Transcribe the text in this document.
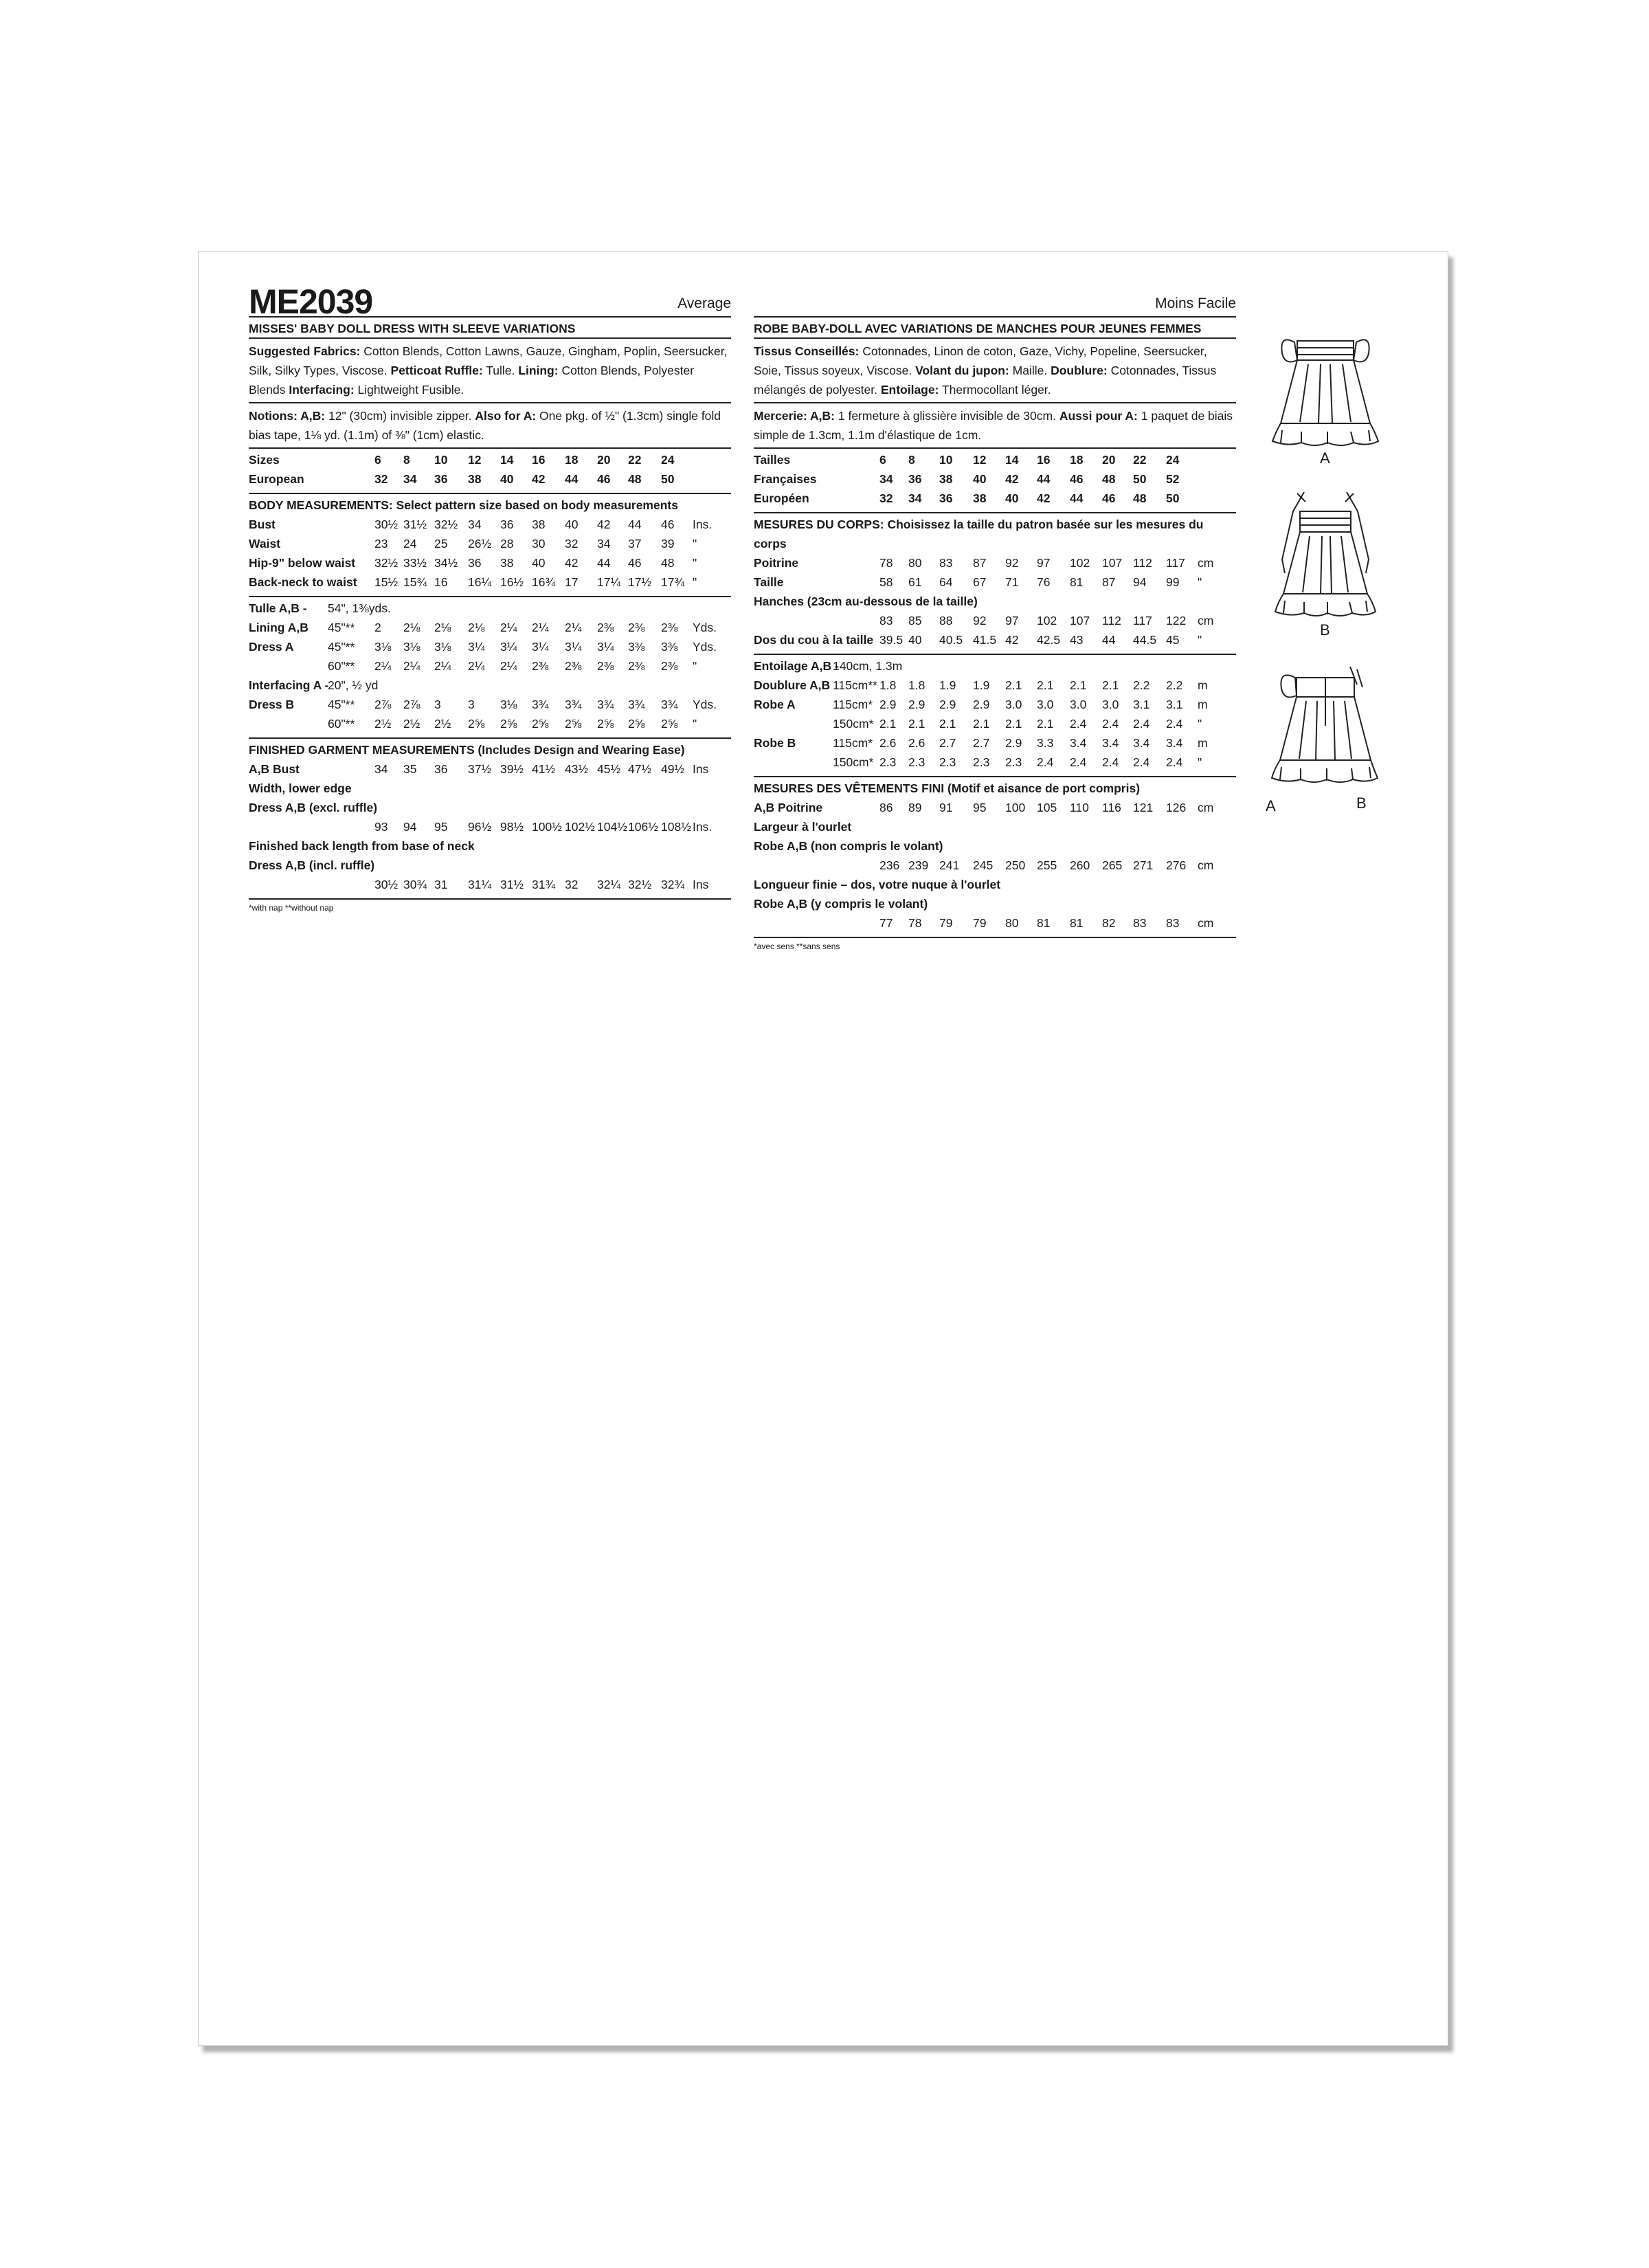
ME2039	Average
MISSES' BABY DOLL DRESS WITH SLEEVE VARIATIONS
Suggested Fabrics: Cotton Blends, Cotton Lawns, Gauze, Gingham, Poplin, Seersucker, Silk, Silky Types, Viscose. Petticoat Ruffle: Tulle. Lining: Cotton Blends, Polyester Blends Interfacing: Lightweight Fusible.
Notions: A,B: 12" (30cm) invisible zipper. Also for A: One pkg. of ½" (1.3cm) single fold bias tape, 1⅛ yd. (1.1m) of ⅜" (1cm) elastic.
Sizes	6 8 10 12 14 16 18 20 22 24
European	32 34 36 38 40 42 44 46 48 50
BODY MEASUREMENTS: Select pattern size based on body measurements
Bust	30½ 31½ 32½ 34 36 38 40 42 44 46 Ins.
Waist	23 24 25 26½ 28 30 32 34 37 39 "
Hip-9" below waist 32½ 33½ 34½ 36 38 40 42 44 46 48 "
Back-neck to waist 15½ 15¾ 16 16¼ 16½ 16¾ 17 17¼ 17½ 17¾ "
Tulle A,B - 54", 1⅜yds.
Lining A,B 45"** 2 2⅛ 2⅛ 2⅛ 2¼ 2¼ 2¼ 2⅜ 2⅜ 2⅜ Yds.
Dress A	45"** 3⅛ 3⅛ 3⅛ 3¼ 3¼ 3¼ 3¼ 3¼ 3⅜ 3⅜ Yds.
60"** 2¼ 2¼ 2¼ 2¼ 2¼ 2⅜ 2⅜ 2⅜ 2⅜ 2⅜ "
Interfacing A -
20", ½ yd
Dress B	45"** 2⅞ 2⅞ 3 3 3⅛ 3¾ 3¾ 3¾ 3¾ 3¾ Yds.
60"** 2½ 2½ 2½ 2⅝ 2⅝ 2⅝ 2⅝ 2⅝ 2⅝ 2⅝ "
FINISHED GARMENT MEASUREMENTS (Includes Design and Wearing Ease)
A,B Bust	34 35 36 37½ 39½ 41½ 43½ 45½ 47½ 49½ Ins
Width, lower edge
Dress A,B (excl. ruffle)
93 94 95 96½ 98½ 100½ 102½ 104½ 106½ 108½ Ins.
Finished back length from base of neck
Dress A,B (incl. ruffle)
30½ 30¾ 31 31¼ 31½ 31¾ 32 32¼ 32½ 32¾ Ins
*with nap **without nap
Moins Facile
ROBE BABY-DOLL AVEC VARIATIONS DE MANCHES POUR JEUNES FEMMES
Tissus Conseillés: Cotonnades, Linon de coton, Gaze, Vichy, Popeline, Seersucker, Soie, Tissus soyeux, Viscose. Volant du jupon: Maille. Doublure: Cotonnades, Tissus mélangés de polyester. Entoilage: Thermocollant léger.
Mercerie: A,B: 1 fermeture à glissière invisible de 30cm. Aussi pour A: 1 paquet de biais simple de 1.3cm, 1.1m d'élastique de 1cm.
Tailles	6 8 10 12 14 16 18 20 22 24
Françaises	34 36 38 40 42 44 46 48 50 52
Européen	32 34 36 38 40 42 44 46 48 50
MESURES DU CORPS: Choisissez la taille du patron basée sur les mesures du corps
Poitrine	78 80 83 87 92 97 102 107 112 117 cm
Taille	58 61 64 67 71 76 81 87 94 99 "
Hanches (23cm au-dessous de la taille)
83 85 88 92 97 102 107 112 117 122 cm
Dos du cou à la taille 39.5 40 40.5 41.5 42 42.5 43 44 44.5 45 "
Entoilage A,B -
140cm, 1.3m
Doublure A,B 115cm** 1.8 1.8 1.9 1.9 2.1 2.1 2.1 2.1 2.2 2.2 m
Robe A	115cm* 2.9 2.9 2.9 2.9 3.0 3.0 3.0 3.0 3.1 3.1 m
150cm* 2.1 2.1 2.1 2.1 2.1 2.1 2.4 2.4 2.4 2.4 "
Robe B	115cm* 2.6 2.6 2.7 2.7 2.9 3.3 3.4 3.4 3.4 3.4 m
150cm* 2.3 2.3 2.3 2.3 2.3 2.4 2.4 2.4 2.4 2.4 "
MESURES DES VÊTEMENTS FINI (Motif et aisance de port compris)
A,B Poitrine	86 89 91 95 100 105 110 116 121 126 cm
Largeur à l'ourlet
Robe A,B (non compris le volant)
236 239 241 245 250 255 260 265 271 276 cm
Longueur finie – dos, votre nuque à l'ourlet
Robe A,B (y compris le volant)
77 78 79 79 80 81 81 82 83 83 cm
*avec sens **sans sens
A
B
A	B
